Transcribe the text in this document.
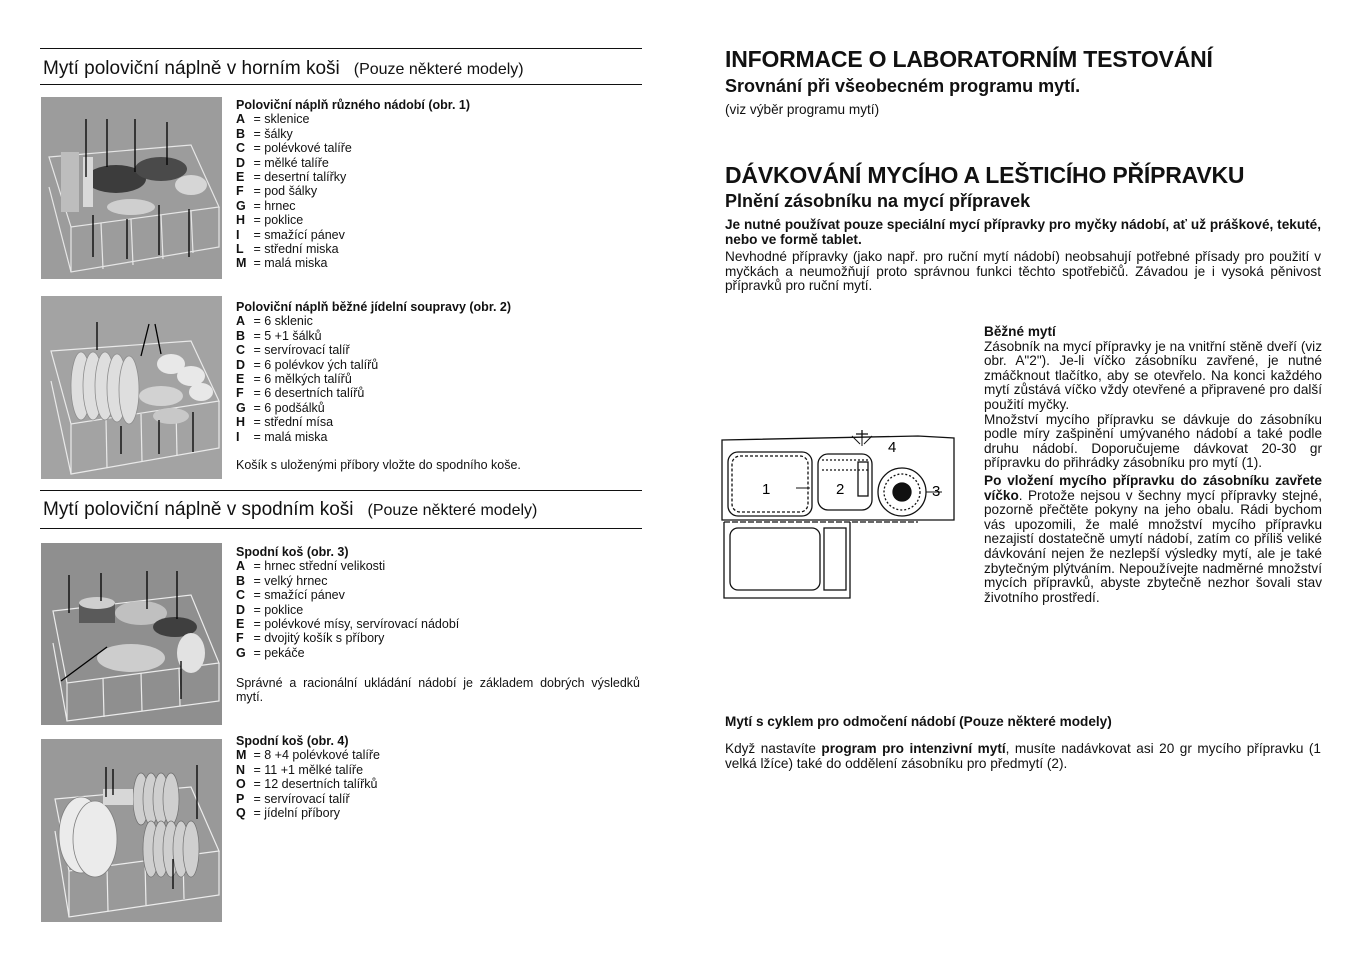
Mytí poloviční náplně v horním koši (Pouze některé modely)
Poloviční náplň různého nádobí (obr. 1)
A = sklenice
B = šálky
C = polévkové talíře
D = mělké talíře
E = desertní talířky
F = pod šálky
G = hrnec
H = poklice
I = smažící pánev
L = střední miska
M = malá miska
Poloviční náplň běžné jídelní soupravy (obr. 2)
A = 6 sklenic
B = 5 +1 šálků
C = servírovací talíř
D = 6 polévkov ých talířů
E = 6 mělkých talířů
F = 6 desertních talířů
G = 6 podšálků
H = střední mísa
I = malá miska
Košík s uloženými příbory vložte do spodního koše.
Mytí poloviční náplně v spodním koši (Pouze některé modely)
Spodní koš (obr. 3)
A = hrnec střední velikosti
B = velký hrnec
C = smažící pánev
D = poklice
E = polévkové mísy, servírovací nádobí
F = dvojitý košík s příbory
G = pekáče
Správné a racionální ukládání nádobí je základem dobrých výsledků mytí.
Spodní koš (obr. 4)
M = 8 +4 polévkové talíře
N = 11 +1 mělké talíře
O = 12 desertních talířků
P = servírovací talíř
Q = jídelní příbory
INFORMACE O LABORATORNÍM TESTOVÁNÍ
Srovnání při všeobecném programu mytí.
(viz výběr programu mytí)
DÁVKOVÁNÍ MYCÍHO A LEŠTICÍHO PŘÍPRAVKU
Plnění zásobníku na mycí přípravek
Je nutné používat pouze speciální mycí přípravky pro myčky nádobí, ať už práškové, tekuté, nebo ve formě tablet.
Nevhodné přípravky (jako např. pro ruční mytí nádobí) neobsahují potřebné přísady pro použití v myčkách a neumožňují proto správnou funkci těchto spotřebičů. Závadou je i vysoká pěnivost přípravků pro ruční mytí.
1	2	3
4
Běžné mytí
Zásobník na mycí přípravky je na vnitřní stěně dveří (viz obr. A"2"). Je-li víčko zásobníku zavřené, je nutné zmáčknout tlačítko, aby se otevřelo. Na konci každého mytí zůstává víčko vždy otevřené a připravené pro další použití myčky.
Množství mycího přípravku se dávkuje do zásobníku podle míry zašpinění umývaného nádobí a také podle druhu nádobí. Doporučujeme dávkovat 20-30 gr přípravku do přihrádky zásobníku pro mytí (1).
Po vložení mycího přípravku do zásobníku zavřete víčko. Protože nejsou v šechny mycí přípravky stejné, pozorně přečtěte pokyny na jeho obalu. Rádi bychom vás upozomili, že malé množství mycího přípravku nezajistí dostatečně umytí nádobí, zatím co příliš veliké dávkování nejen že nezlepší výsledky mytí, ale je také zbytečným plýtváním. Nepoužívejte nadměrné množství mycích přípravků, abyste zbytečně nezhor šovali stav životního prostředí.
Mytí s cyklem pro odmočení nádobí (Pouze některé modely)
Když nastavíte program pro intenzivní mytí, musíte nadávkovat asi 20 gr mycího přípravku (1 velká lžíce) také do oddělení zásobníku pro předmytí (2).
